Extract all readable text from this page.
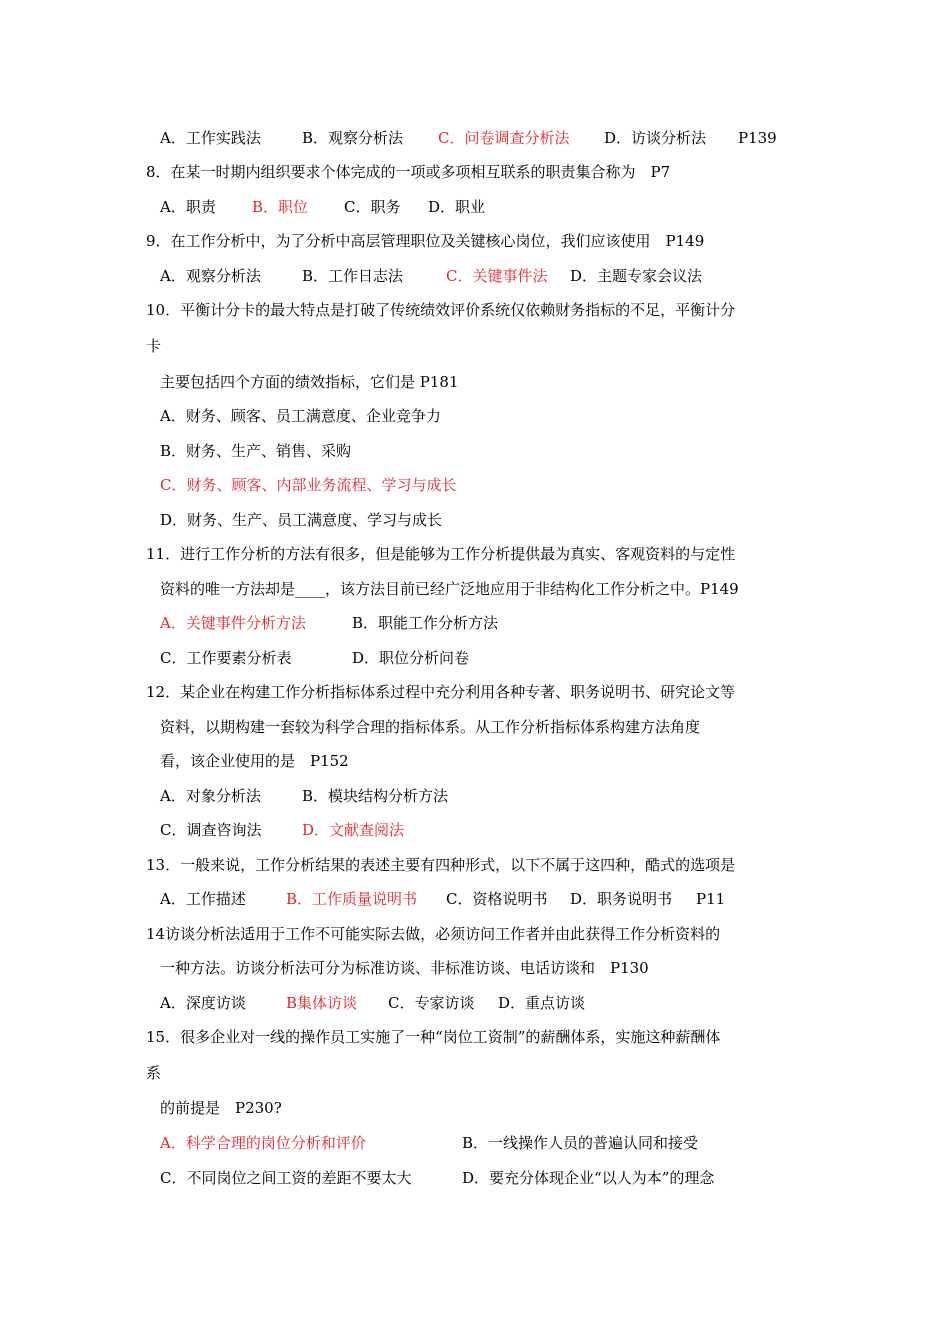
A．工作实践法	B．观察分析法 C．问卷调查分析法 D．访谈分析法 P139
8．在某一时期内组织要求个体完成的一项或多项相互联系的职责集合称为　P7
A．职责 B．职位 C．职务 D．职业
9．在工作分析中，为了分析中高层管理职位及关键核心岗位，我们应该使用　P149
A．观察分析法	B．工作日志法	C．关键事件法 D．主题专家会议法
10．平衡计分卡的最大特点是打破了传统绩效评价系统仅依赖财务指标的不足，平衡计分
卡
主要包括四个方面的绩效指标，它们是 P181
A．财务、顾客、员工满意度、企业竞争力
B．财务、生产、销售、采购
C．财务、顾客、内部业务流程、学习与成长
D．财务、生产、员工满意度、学习与成长
11．进行工作分析的方法有很多，但是能够为工作分析提供最为真实、客观资料的与定性
资料的唯一方法却是____，该方法目前已经广泛地应用于非结构化工作分析之中。P149
A．关键事件分析方法	B．职能工作分析方法
C．工作要素分析表	D．职位分析问卷
12．某企业在构建工作分析指标体系过程中充分利用各种专著、职务说明书、研究论文等
资料，以期构建一套较为科学合理的指标体系。从工作分析指标体系构建方法角度
看，该企业使用的是　P152
A．对象分析法	B．模块结构分析方法
C．调查咨询法	D．文献查阅法
13．一般来说，工作分析结果的表述主要有四种形式，以下不属于这四种，酷式的选项是
A．工作描述	B．工作质量说明书 C．资格说明书 D．职务说明书 P11
14访谈分析法适用于工作不可能实际去做，必须访问工作者并由此获得工作分析资料的
一种方法。访谈分析法可分为标准访谈、非标准访谈、电话访谈和　P130
A．深度访谈	B集体访谈 C．专家访谈 D．重点访谈
15．很多企业对一线的操作员工实施了一种“岗位工资制”的薪酬体系，实施这种薪酬体
系
的前提是　P230?
A．科学合理的岗位分析和评价	B．一线操作人员的普遍认同和接受
C．不同岗位之间工资的差距不要太大	D．要充分体现企业“以人为本”的理念
